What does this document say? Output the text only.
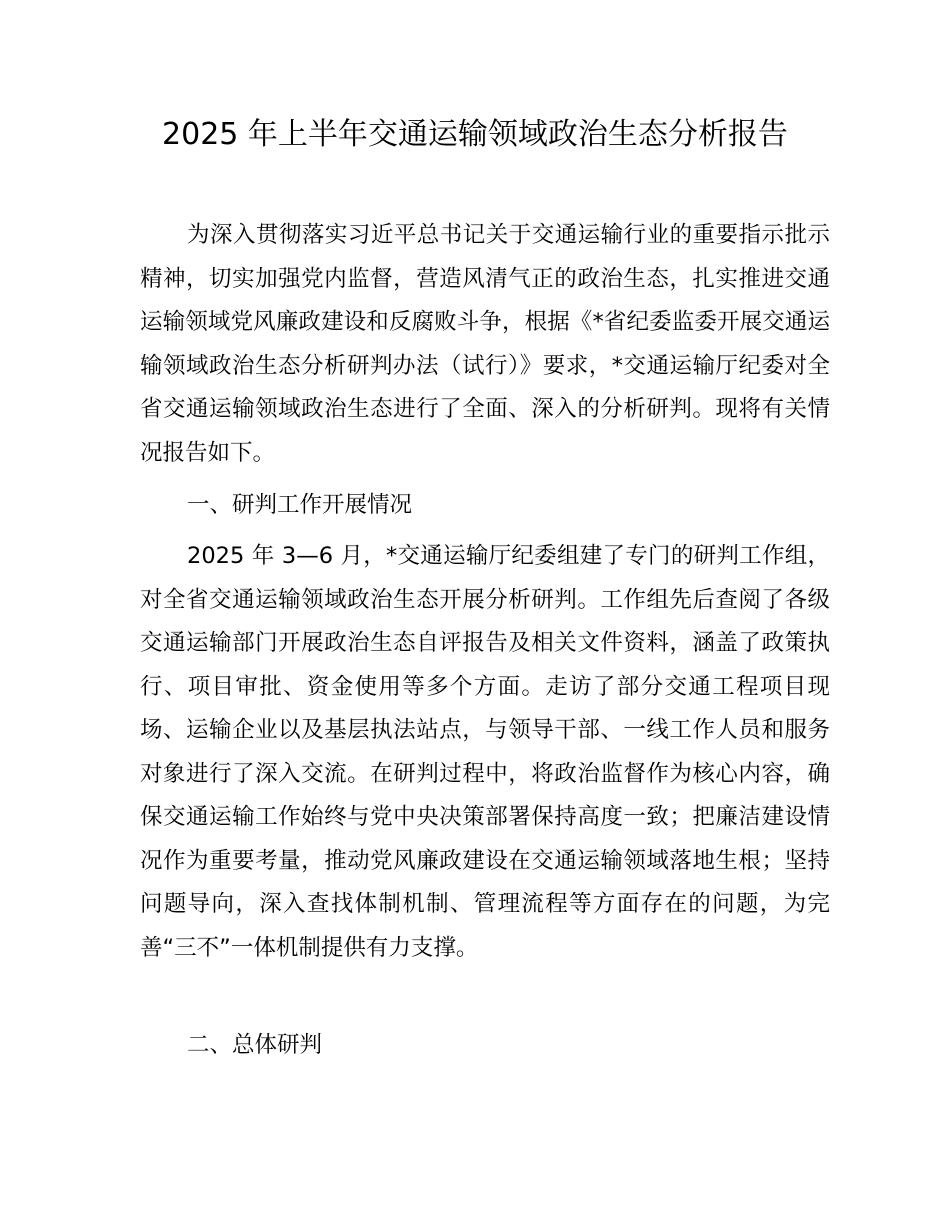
2025 年上半年交通运输领域政治生态分析报告

为深入贯彻落实习近平总书记关于交通运输行业的重要指示批示精神，切实加强党内监督，营造风清气正的政治生态，扎实推进交通运输领域党风廉政建设和反腐败斗争，根据《*省纪委监委开展交通运输领域政治生态分析研判办法（试行）》要求，*交通运输厅纪委对全省交通运输领域政治生态进行了全面、深入的分析研判。现将有关情况报告如下。

一、研判工作开展情况

2025 年 3—6 月，*交通运输厅纪委组建了专门的研判工作组，对全省交通运输领域政治生态开展分析研判。工作组先后查阅了各级交通运输部门开展政治生态自评报告及相关文件资料，涵盖了政策执行、项目审批、资金使用等多个方面。走访了部分交通工程项目现场、运输企业以及基层执法站点，与领导干部、一线工作人员和服务对象进行了深入交流。在研判过程中，将政治监督作为核心内容，确保交通运输工作始终与党中央决策部署保持高度一致；把廉洁建设情况作为重要考量，推动党风廉政建设在交通运输领域落地生根；坚持问题导向，深入查找体制机制、管理流程等方面存在的问题，为完善“三不”一体机制提供有力支撑。

二、总体研判
